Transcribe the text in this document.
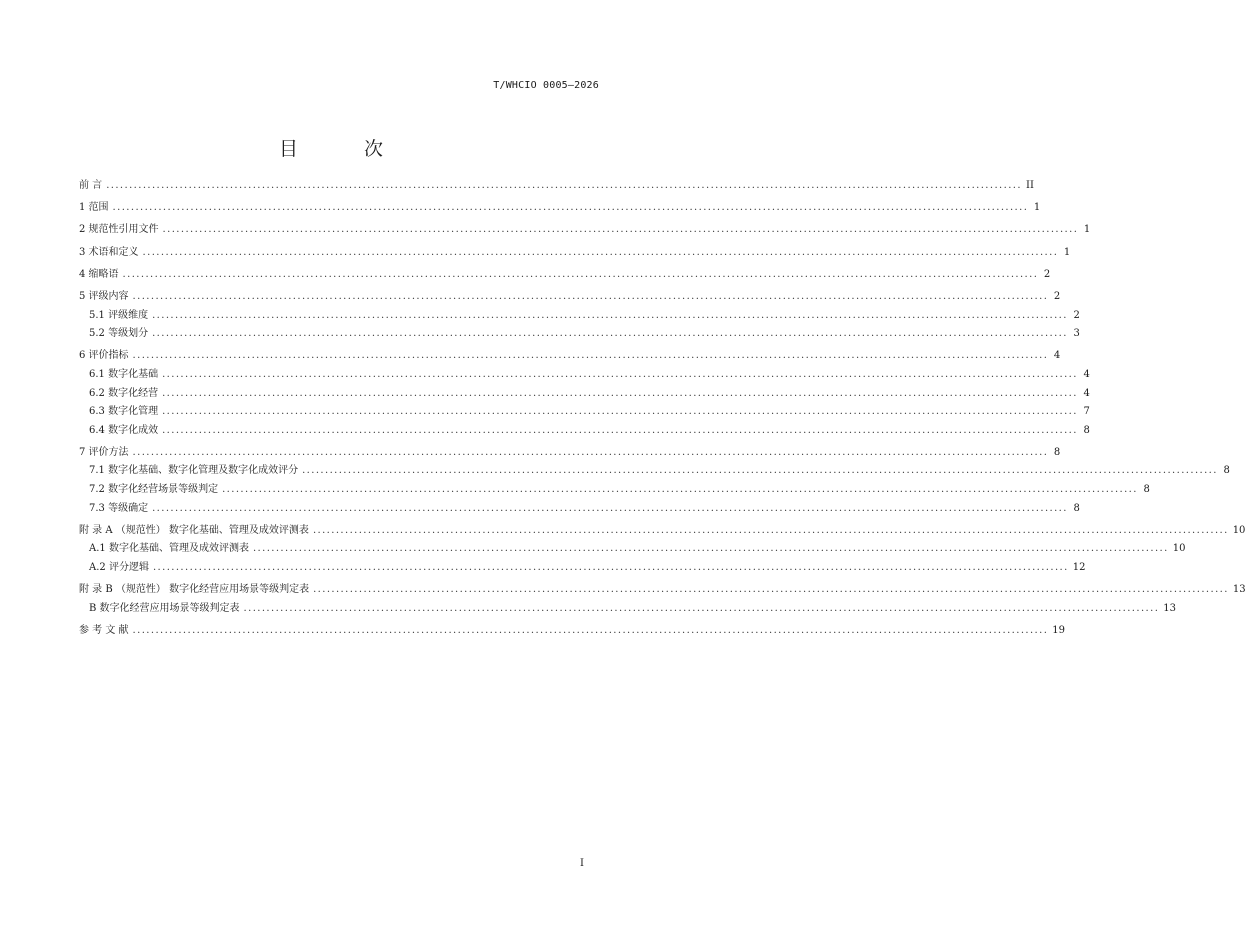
T/WHCIO 0005—2026
目 次
前 言 ........................................................................................................................................................................................................ II
1 范围 ........................................................................................................................................................................................................ 1
2 规范性引用文件 ........................................................................................................................................................................................................ 1
3 术语和定义 ........................................................................................................................................................................................................ 1
4 缩略语 ........................................................................................................................................................................................................ 2
5 评级内容 ........................................................................................................................................................................................................ 2
5.1 评级维度 ........................................................................................................................................................................................................ 2
5.2 等级划分 ........................................................................................................................................................................................................ 3
6 评价指标 ........................................................................................................................................................................................................ 4
6.1 数字化基础 ........................................................................................................................................................................................................ 4
6.2 数字化经营 ........................................................................................................................................................................................................ 4
6.3 数字化管理 ........................................................................................................................................................................................................ 7
6.4 数字化成效 ........................................................................................................................................................................................................ 8
7 评价方法 ........................................................................................................................................................................................................ 8
7.1 数字化基础、数字化管理及数字化成效评分 ........................................................................................................................................................................................................ 8
7.2 数字化经营场景等级判定 ........................................................................................................................................................................................................ 8
7.3 等级确定 ........................................................................................................................................................................................................ 8
附 录 A （规范性） 数字化基础、管理及成效评测表 ........................................................................................................................................................................................................ 10
A.1 数字化基础、管理及成效评测表 ........................................................................................................................................................................................................ 10
A.2 评分逻辑 ........................................................................................................................................................................................................ 12
附 录 B （规范性） 数字化经营应用场景等级判定表 ........................................................................................................................................................................................................ 13
B 数字化经营应用场景等级判定表 ........................................................................................................................................................................................................ 13
参 考 文 献 ........................................................................................................................................................................................................ 19
I
